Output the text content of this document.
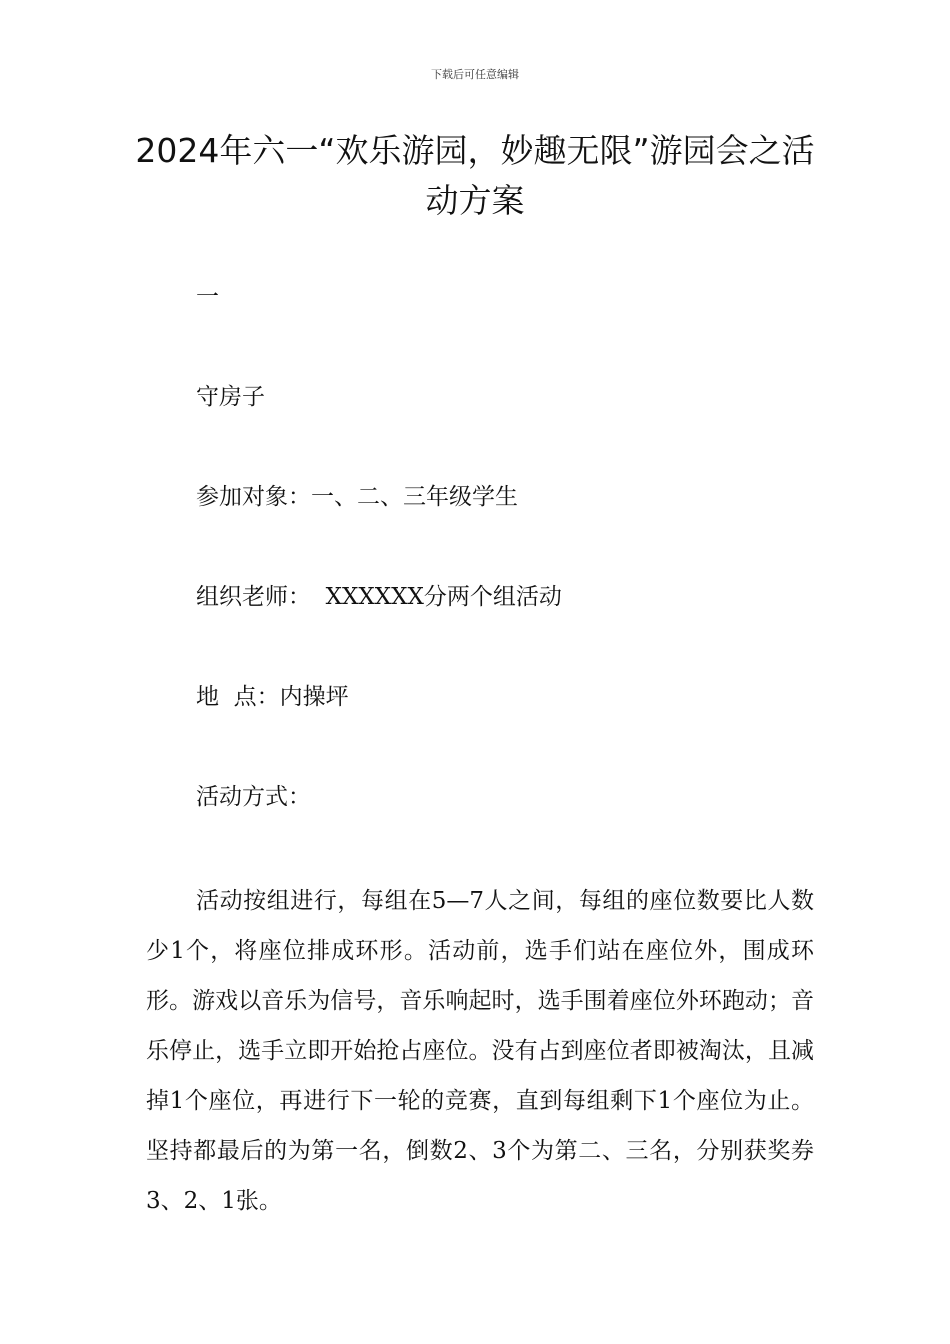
下载后可任意编辑
2024年六一“欢乐游园，妙趣无限”游园会之活动方案
一
守房子
参加对象：一、二、三年级学生
组织老师：  XXXXXX分两个组活动
地  点：内操坪
活动方式：

活动按组进行，每组在5—7人之间，每组的座位数要比人数少1个，将座位排成环形。活动前，选手们站在座位外，围成环形。游戏以音乐为信号，音乐响起时，选手围着座位外环跑动；音乐停止，选手立即开始抢占座位。没有占到座位者即被淘汰，且减掉1个座位，再进行下一轮的竞赛，直到每组剩下1个座位为止。坚持都最后的为第一名，倒数2、3个为第二、三名，分别获奖券3、2、1张。
